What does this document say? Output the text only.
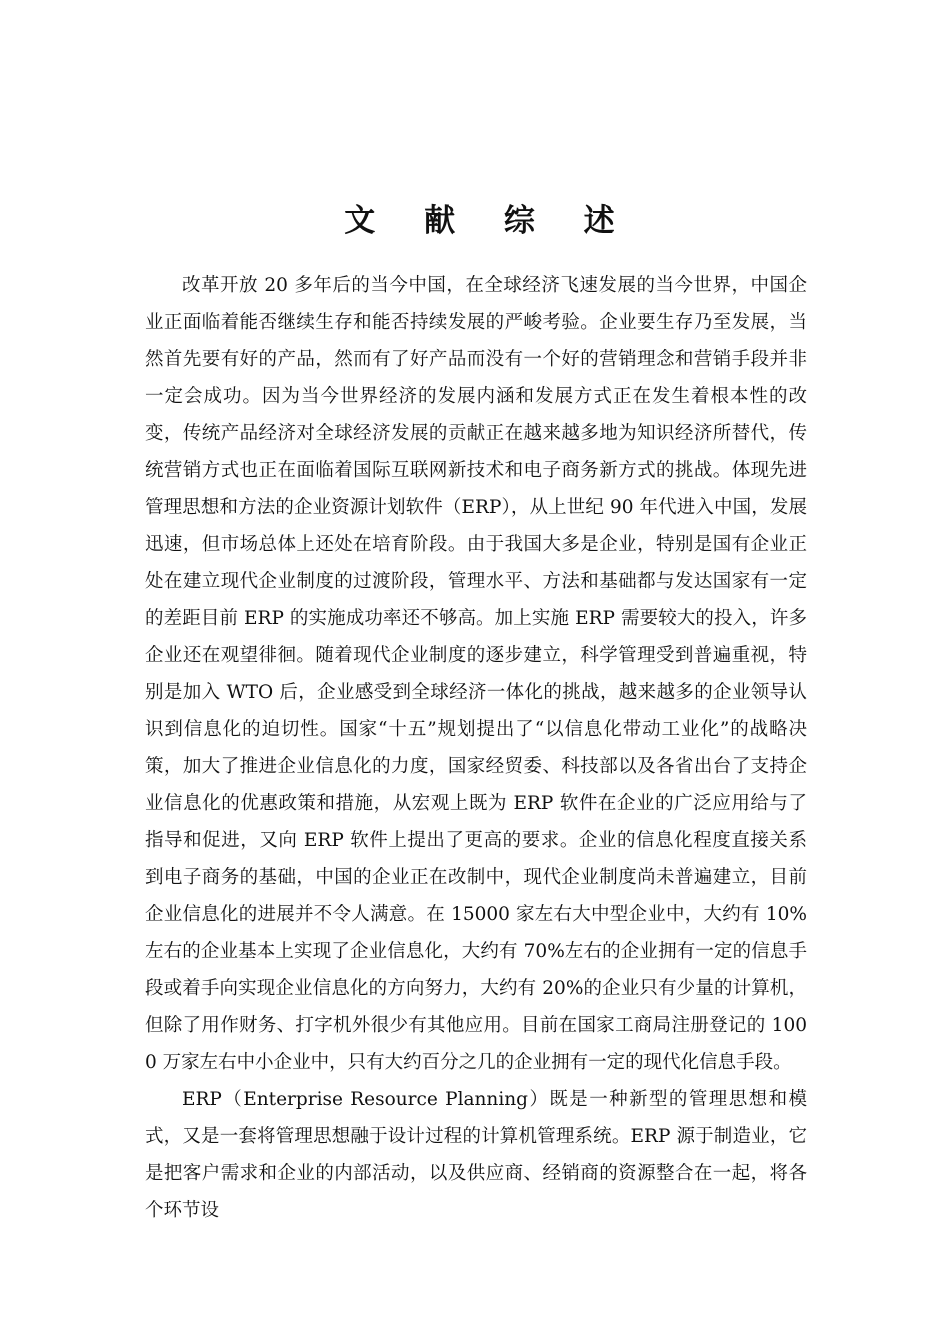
文 献 综 述

改革开放 20 多年后的当今中国，在全球经济飞速发展的当今世界，中国企业正面临着能否继续生存和能否持续发展的严峻考验。企业要生存乃至发展，当然首先要有好的产品，然而有了好产品而没有一个好的营销理念和营销手段并非一定会成功。因为当今世界经济的发展内涵和发展方式正在发生着根本性的改变，传统产品经济对全球经济发展的贡献正在越来越多地为知识经济所替代，传统营销方式也正在面临着国际互联网新技术和电子商务新方式的挑战。体现先进管理思想和方法的企业资源计划软件（ERP），从上世纪 90 年代进入中国，发展迅速，但市场总体上还处在培育阶段。由于我国大多是企业，特别是国有企业正处在建立现代企业制度的过渡阶段，管理水平、方法和基础都与发达国家有一定的差距目前 ERP 的实施成功率还不够高。加上实施 ERP 需要较大的投入，许多企业还在观望徘徊。随着现代企业制度的逐步建立，科学管理受到普遍重视，特别是加入 WTO 后，企业感受到全球经济一体化的挑战，越来越多的企业领导认识到信息化的迫切性。国家“十五”规划提出了“以信息化带动工业化”的战略决策，加大了推进企业信息化的力度，国家经贸委、科技部以及各省出台了支持企业信息化的优惠政策和措施，从宏观上既为 ERP 软件在企业的广泛应用给与了指导和促进，又向 ERP 软件上提出了更高的要求。企业的信息化程度直接关系到电子商务的基础，中国的企业正在改制中，现代企业制度尚未普遍建立，目前企业信息化的进展并不令人满意。在 15000 家左右大中型企业中，大约有 10%左右的企业基本上实现了企业信息化，大约有 70%左右的企业拥有一定的信息手段或着手向实现企业信息化的方向努力，大约有 20%的企业只有少量的计算机，但除了用作财务、打字机外很少有其他应用。目前在国家工商局注册登记的 1000 万家左右中小企业中，只有大约百分之几的企业拥有一定的现代化信息手段。

ERP（Enterprise Resource Planning）既是一种新型的管理思想和模式，又是一套将管理思想融于设计过程的计算机管理系统。ERP 源于制造业，它是把客户需求和企业的内部活动，以及供应商、经销商的资源整合在一起，将各个环节设
